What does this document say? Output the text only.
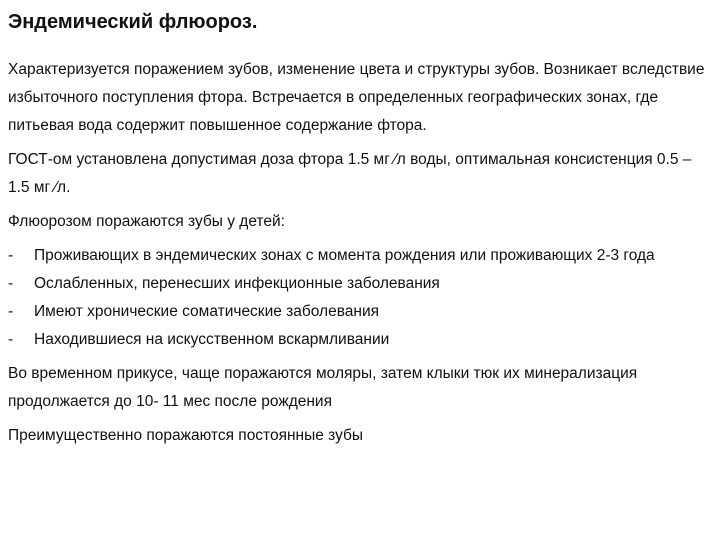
Эндемический флюороз.

Характеризуется поражением зубов, изменение цвета и структуры зубов. Возникает вследствие избыточного поступления фтора. Встречается в определенных географических зонах, где питьевая вода содержит повышенное содержание фтора.

ГОСТ-ом установлена допустимая доза фтора 1.5 мг ⁄л воды, оптимальная консистенция 0.5 – 1.5 мг ⁄л.

Флюорозом поражаются зубы у детей:

-	Проживающих в эндемических зонах с момента рождения или проживающих 2-3 года
-	Ослабленных, перенесших инфекционные заболевания
-	Имеют хронические соматические заболевания
-	Находившиеся на искусственном вскармливании

Во временном прикусе, чаще поражаются моляры, затем клыки тюк их минерализация продолжается до 10- 11 мес после рождения

Преимущественно поражаются постоянные зубы
